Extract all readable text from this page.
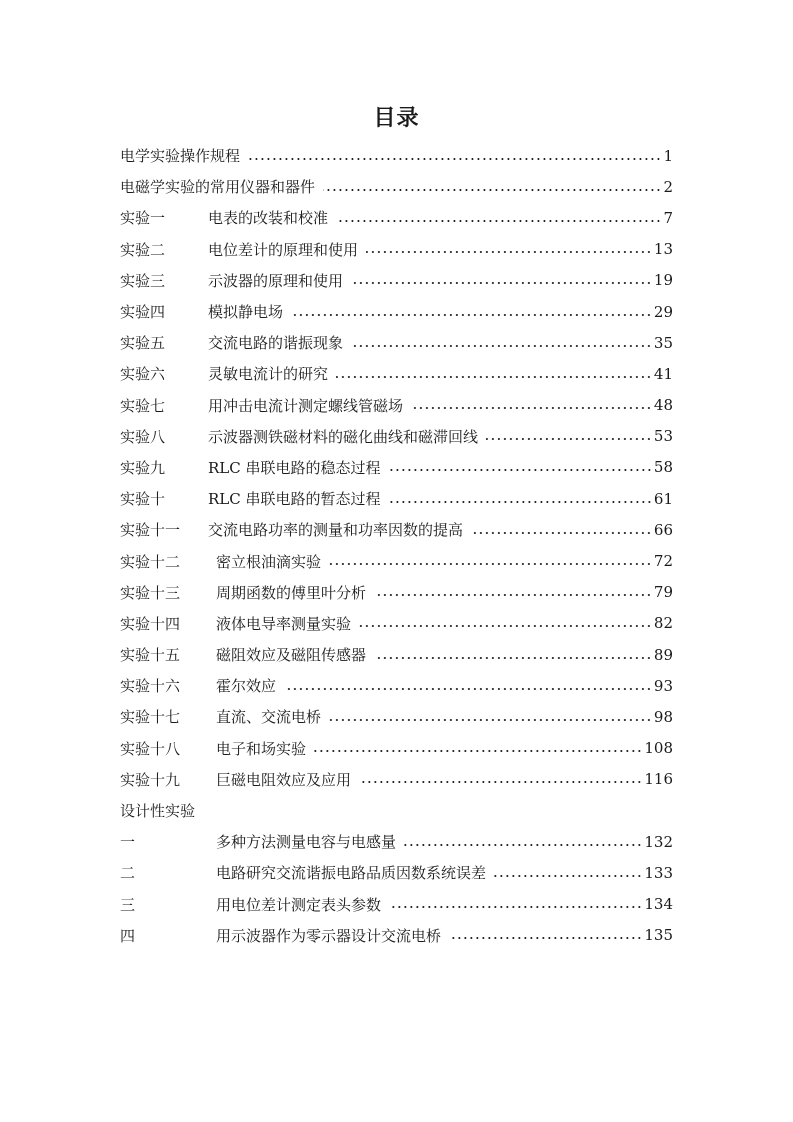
目录
电学实验操作规程	1
电磁学实验的常用仪器和器件	2
实验一	电表的改装和校准	7
实验二	电位差计的原理和使用	13
实验三	示波器的原理和使用	19
实验四	模拟静电场	29
实验五	交流电路的谐振现象	35
实验六	灵敏电流计的研究	41
实验七	用冲击电流计测定螺线管磁场	48
实验八	示波器测铁磁材料的磁化曲线和磁滞回线	53
实验九	RLC 串联电路的稳态过程	58
实验十	RLC 串联电路的暂态过程	61
实验十一	交流电路功率的测量和功率因数的提高	66
实验十二	密立根油滴实验	72
实验十三	周期函数的傅里叶分析	79
实验十四	液体电导率测量实验	82
实验十五	磁阻效应及磁阻传感器	89
实验十六	霍尔效应	93
实验十七	直流、交流电桥	98
实验十八	电子和场实验	108
实验十九	巨磁电阻效应及应用	116
设计性实验
一	多种方法测量电容与电感量	132
二	电路研究交流谐振电路品质因数系统误差	133
三	用电位差计测定表头参数	134
四	用示波器作为零示器设计交流电桥	135
